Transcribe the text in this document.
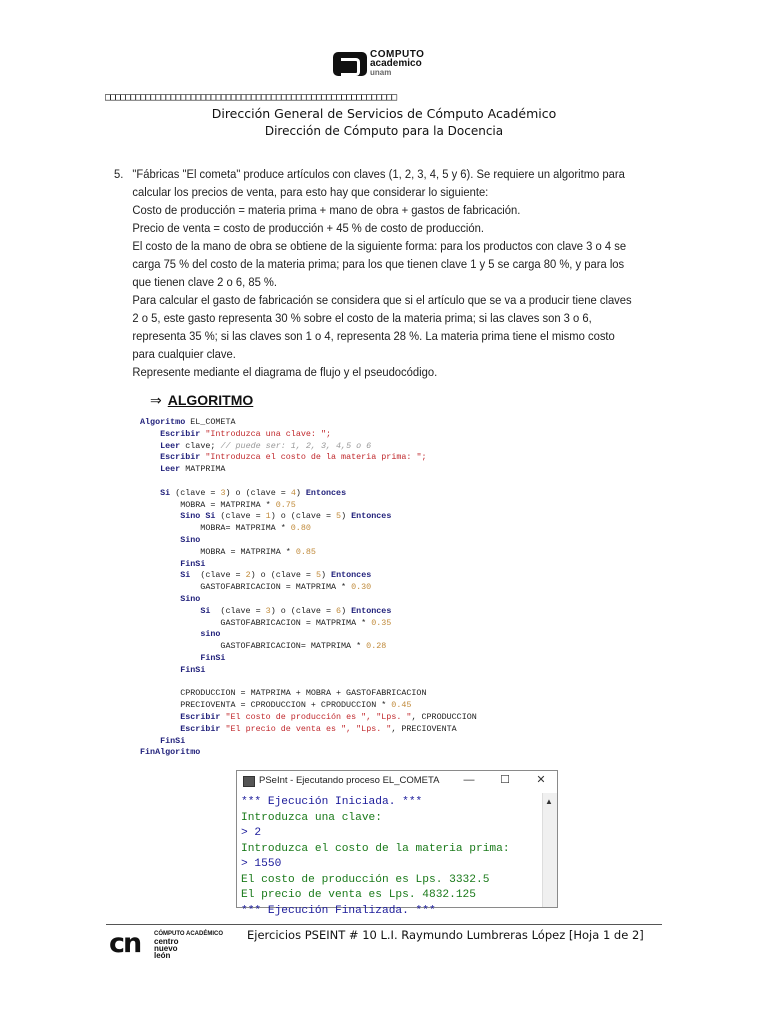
COMPUTO
academico
unam
□□□□□□□□□□□□□□□□□□□□□□□□□□□□□□□□□□□□□□□□□□□□□□□□□□□□□□□□□□
Dirección General de Servicios de Cómputo Académico
Dirección de Cómputo para la Docencia
5. "Fábricas "El cometa" produce artículos con claves (1, 2, 3, 4, 5 y 6). Se requiere un algoritmo para
calcular los precios de venta, para esto hay que considerar lo siguiente:
Costo de producción = materia prima + mano de obra + gastos de fabricación.
Precio de venta = costo de producción + 45 % de costo de producción.
El costo de la mano de obra se obtiene de la siguiente forma: para los productos con clave 3 o 4 se
carga 75 % del costo de la materia prima; para los que tienen clave 1 y 5 se carga 80 %, y para los
que tienen clave 2 o 6, 85 %.
Para calcular el gasto de fabricación se considera que si el artículo que se va a producir tiene claves
2 o 5, este gasto representa 30 % sobre el costo de la materia prima; si las claves son 3 o 6,
representa 35 %; si las claves son 1 o 4, representa 28 %. La materia prima tiene el mismo costo
para cualquier clave.
Represente mediante el diagrama de flujo y el pseudocódigo.
⇒ ALGORITMO
Algoritmo EL_COMETA
Escribir "Introduzca una clave: ";
Leer clave; // puede ser: 1, 2, 3, 4,5 o 6
Escribir "Introduzca el costo de la materia prima: ";
Leer MATPRIMA
Si (clave = 3) o (clave = 4) Entonces
MOBRA = MATPRIMA * 0.75
Sino Si (clave = 1) o (clave = 5) Entonces
MOBRA= MATPRIMA * 0.80
Sino
MOBRA = MATPRIMA * 0.85
FinSi
Si  (clave = 2) o (clave = 5) Entonces
GASTOFABRICACION = MATPRIMA * 0.30
Sino
Si  (clave = 3) o (clave = 6) Entonces
GASTOFABRICACION = MATPRIMA * 0.35
sino
GASTOFABRICACION= MATPRIMA * 0.28
FinSi
FinSi
CPRODUCCION = MATPRIMA + MOBRA + GASTOFABRICACION
PRECIOVENTA = CPRODUCCION + CPRODUCCION * 0.45
Escribir "El costo de producción es ", "Lps. ", CPRODUCCION
Escribir "El precio de venta es ", "Lps. ", PRECIOVENTA
FinSi
FinAlgoritmo
PSeInt - Ejecutando proceso EL_COMETA	—	☐	✕
*** Ejecución Iniciada. ***
Introduzca una clave:
> 2
Introduzca el costo de la materia prima:
> 1550
El costo de producción es Lps. 3332.5
El precio de venta es Lps. 4832.125
*** Ejecución Finalizada. ***
▲
cn CÓMPUTO ACADÉMICO
centro
nuevo
león
Ejercicios PSEINT # 10 L.I. Raymundo Lumbreras López [Hoja 1 de 2]
